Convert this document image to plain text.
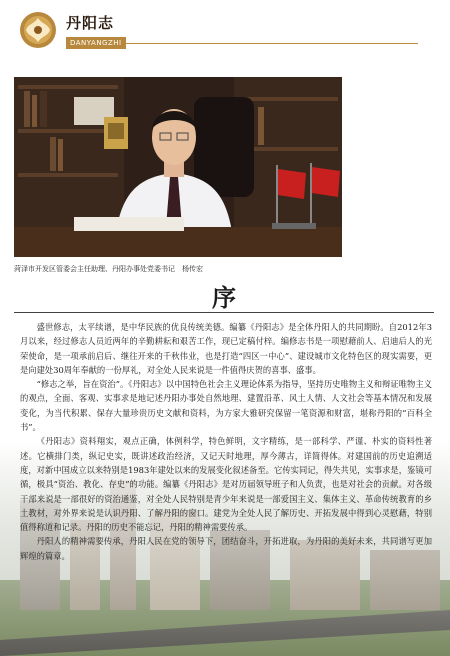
丹阳志
DANYANGZHI
菏泽市开发区管委会主任助理、丹阳办事处党委书记　杨传宏
序

盛世修志，太平续谱，是中华民族的优良传统美德。编纂《丹阳志》是全体丹阳人的共同期盼。自2012年3月以来，经过修志人员近两年的辛勤耕耘和艰苦工作，现已定稿付梓。编修志书是一项慰藉前人、启迪后人的光荣使命，是一项承前启后、继往开来的千秋伟业，也是打造“四区一中心”、建设城市文化特色区的现实需要，更是向建处30周年奉献的一份厚礼，对全处人民来说是一件值得庆贺的喜事、盛事。

“修志之举，旨在资治”。《丹阳志》以中国特色社会主义理论体系为指导，坚持历史唯物主义和辩证唯物主义的观点，全面、客观、实事求是地记述丹阳办事处自然地理、建置沿革、风土人情、人文社会等基本情况和发展变化，为当代积累、保存大量珍贵历史文献和资料，为方家大雅研究保留一笔资源和财富，堪称丹阳的“百科全书”。

《丹阳志》资料翔实，观点正确，体例科学，特色鲜明，文字精练，是一部科学、严谨、朴实的资料性著述。它横排门类，纵记史实，既讲述政治经济，又记天时地理，厚今薄古，详简得体。对建国前的历史追溯适度，对新中国成立以来特别是1983年建处以来的发展变化叙述备至。它传实同记，得失共见，实事求是，鉴镜可循，极具“资治、教化、存史”的功能。编纂《丹阳志》是对历届领导班子和人负责，也是对社会的贡献。对各级干部来说是一部很好的资治通鉴，对全处人民特别是青少年来说是一部爱国主义、集体主义、革命传统教育的乡土教材，对外界来说是认识丹阳、了解丹阳的窗口。建党为全处人民了解历史、开拓发展中得到心灵慰藉，特别值得称道和记录。丹阳的历史不能忘记，丹阳的精神需要传承。

丹阳人的精神需要传承，丹阳人民在党的领导下，团结奋斗，开拓进取，为丹阳的美好未来，共同谱写更加辉煌的篇章。
